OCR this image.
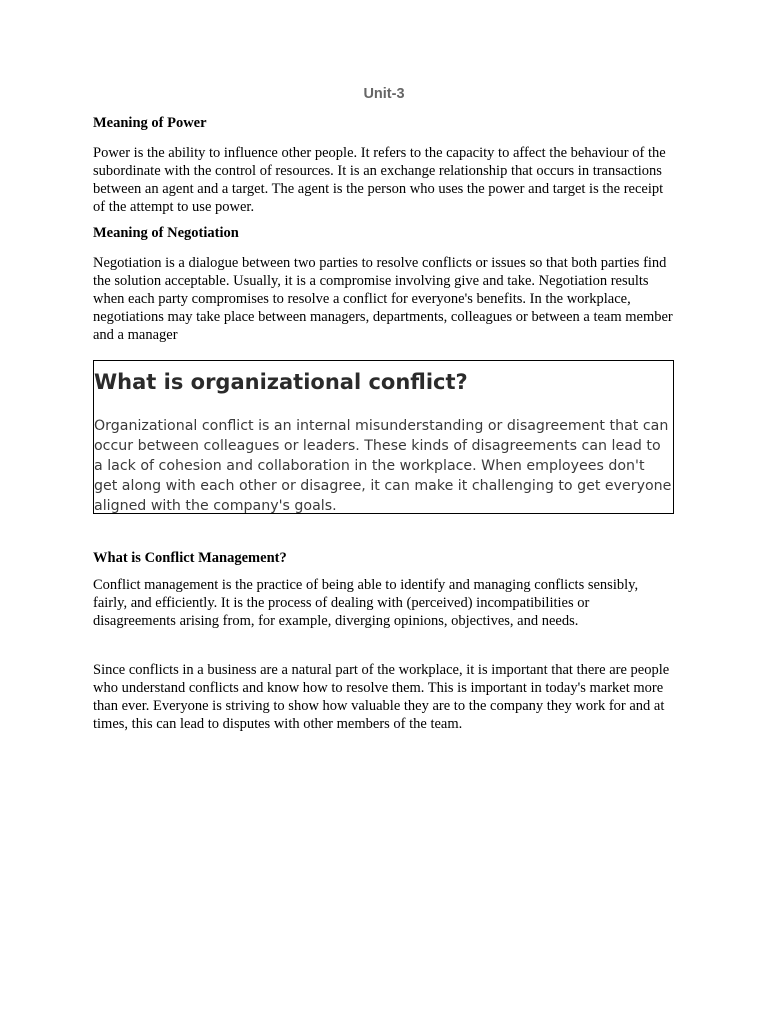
Unit-3
Meaning of Power

Power is the ability to influence other people. It refers to the capacity to affect the behaviour of the subordinate with the control of resources. It is an exchange relationship that occurs in transactions between an agent and a target. The agent is the person who uses the power and target is the receipt of the attempt to use power.

Meaning of Negotiation

Negotiation is a dialogue between two parties to resolve conflicts or issues so that both parties find the solution acceptable. Usually, it is a compromise involving give and take. Negotiation results when each party compromises to resolve a conflict for everyone's benefits. In the workplace, negotiations may take place between managers, departments, colleagues or between a team member and a manager

What is organizational conflict?

Organizational conflict is an internal misunderstanding or disagreement that can occur between colleagues or leaders. These kinds of disagreements can lead to a lack of cohesion and collaboration in the workplace. When employees don't get along with each other or disagree, it can make it challenging to get everyone aligned with the company's goals.

What is Conflict Management?

Conflict management is the practice of being able to identify and managing conflicts sensibly, fairly, and efficiently. It is the process of dealing with (perceived) incompatibilities or disagreements arising from, for example, diverging opinions, objectives, and needs.

Since conflicts in a business are a natural part of the workplace, it is important that there are people who understand conflicts and know how to resolve them. This is important in today's market more than ever. Everyone is striving to show how valuable they are to the company they work for and at times, this can lead to disputes with other members of the team.
